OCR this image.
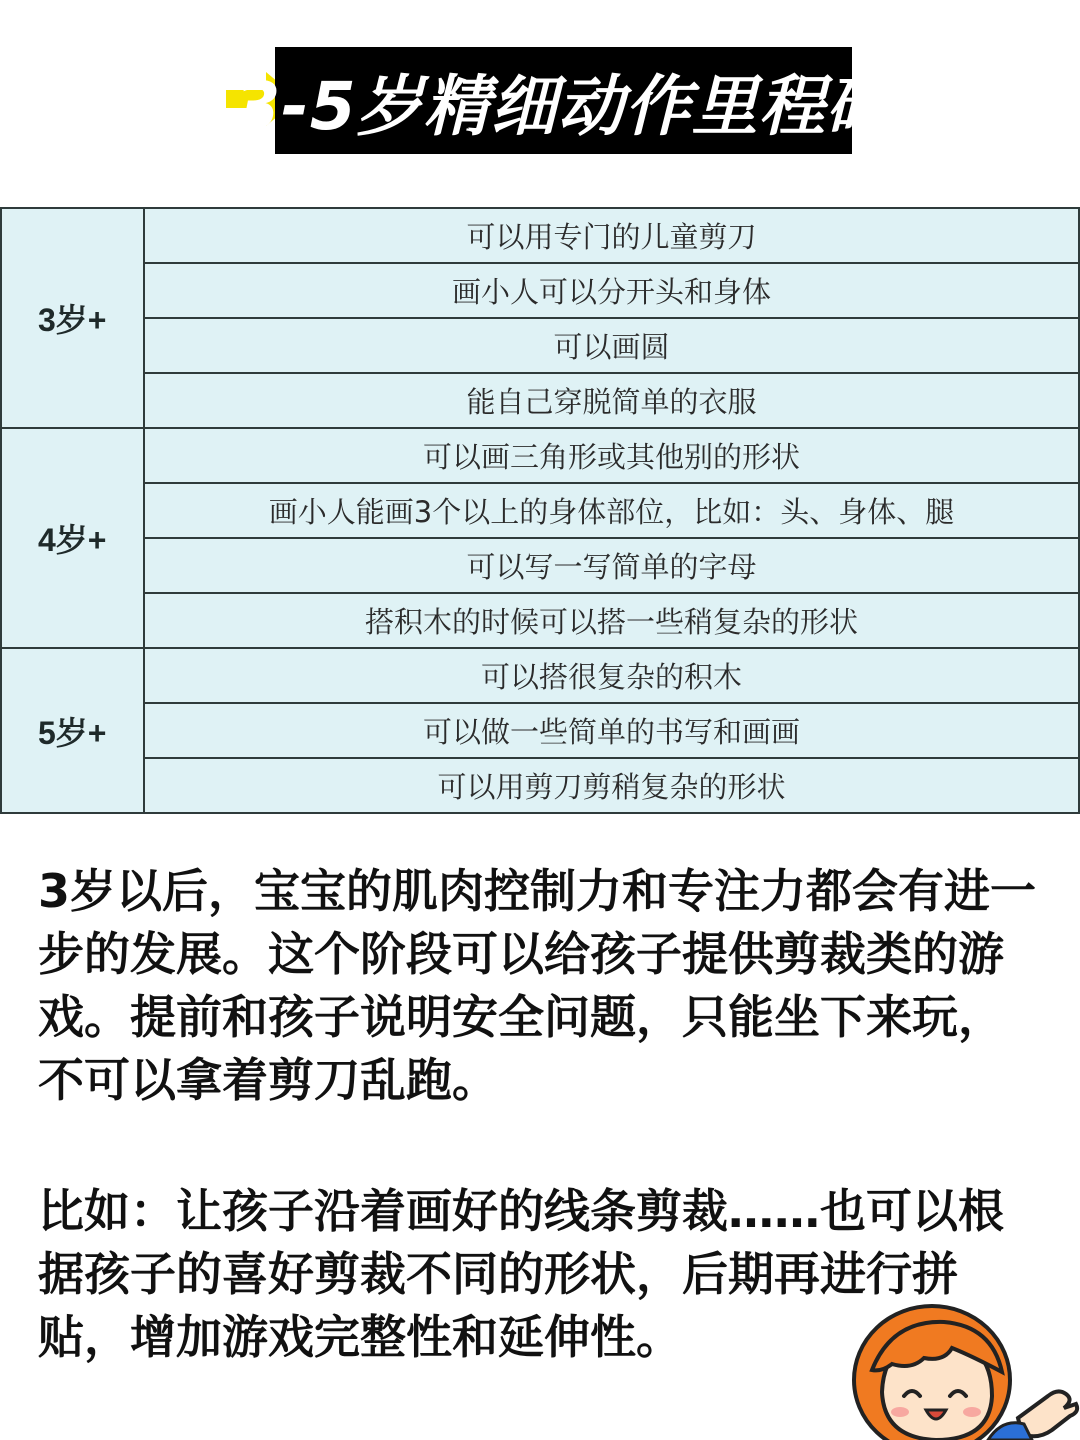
3-5岁精细动作里程碑
3岁+	可以用专门的儿童剪刀
	画小人可以分开头和身体
	可以画圆
	能自己穿脱简单的衣服
4岁+	可以画三角形或其他别的形状
	画小人能画3个以上的身体部位，比如：头、身体、腿
	可以写一写简单的字母
	搭积木的时候可以搭一些稍复杂的形状
5岁+	可以搭很复杂的积木
	可以做一些简单的书写和画画
	可以用剪刀剪稍复杂的形状

3岁以后，宝宝的肌肉控制力和专注力都会有进一步的发展。这个阶段可以给孩子提供剪裁类的游戏。提前和孩子说明安全问题，只能坐下来玩，不可以拿着剪刀乱跑。

比如：让孩子沿着画好的线条剪裁……也可以根据孩子的喜好剪裁不同的形状，后期再进行拼贴，增加游戏完整性和延伸性。
